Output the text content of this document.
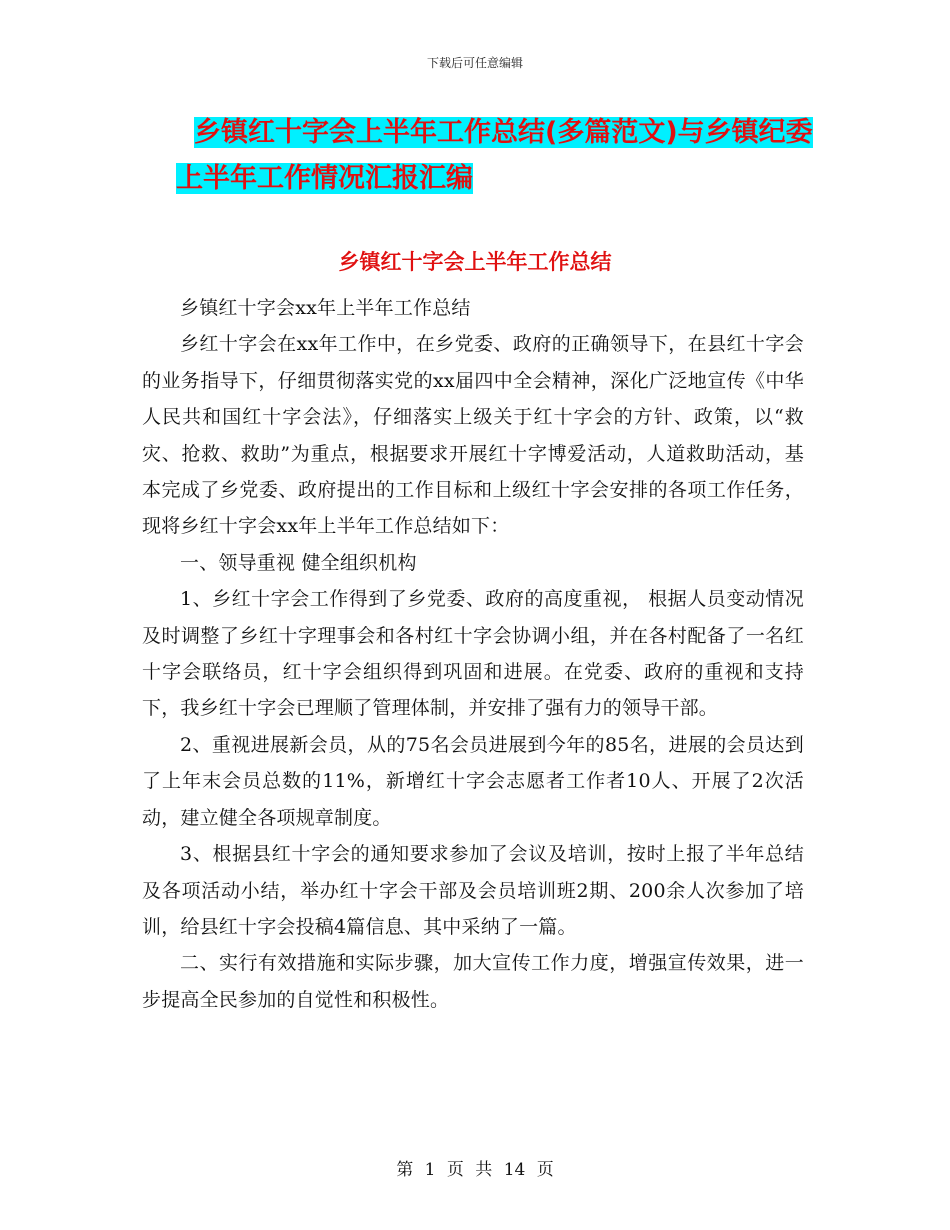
下载后可任意编辑
乡镇红十字会上半年工作总结(多篇范文)与乡镇纪委
上半年工作情况汇报汇编
乡镇红十字会上半年工作总结

乡镇红十字会xx年上半年工作总结

乡红十字会在xx年工作中，在乡党委、政府的正确领导下，在县红十字会的业务指导下，仔细贯彻落实党的xx届四中全会精神，深化广泛地宣传《中华人民共和国红十字会法》，仔细落实上级关于红十字会的方针、政策，以“救灾、抢救、救助”为重点，根据要求开展红十字博爱活动，人道救助活动，基本完成了乡党委、政府提出的工作目标和上级红十字会安排的各项工作任务，现将乡红十字会xx年上半年工作总结如下：

一、领导重视 健全组织机构

1、乡红十字会工作得到了乡党委、政府的高度重视， 根据人员变动情况及时调整了乡红十字理事会和各村红十字会协调小组，并在各村配备了一名红十字会联络员，红十字会组织得到巩固和进展。在党委、政府的重视和支持下，我乡红十字会已理顺了管理体制，并安排了强有力的领导干部。

2、重视进展新会员，从的75名会员进展到今年的85名，进展的会员达到了上年末会员总数的11%，新增红十字会志愿者工作者10人、开展了2次活动，建立健全各项规章制度。

3、根据县红十字会的通知要求参加了会议及培训，按时上报了半年总结及各项活动小结，举办红十字会干部及会员培训班2期、200余人次参加了培训，给县红十字会投稿4篇信息、其中采纳了一篇。

二、实行有效措施和实际步骤，加大宣传工作力度，增强宣传效果，进一步提高全民参加的自觉性和积极性。

第 1 页 共 14 页
